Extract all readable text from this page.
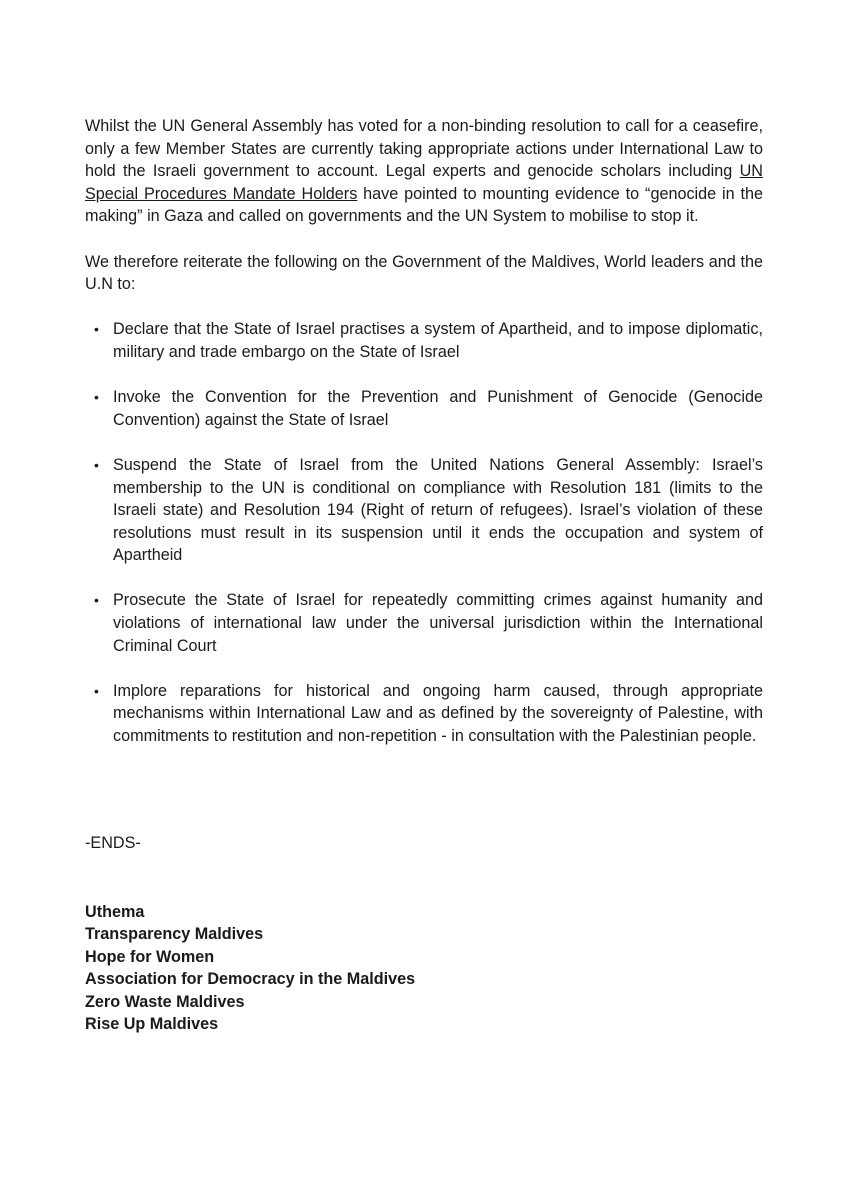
Whilst the UN General Assembly has voted for a non-binding resolution to call for a ceasefire, only a few Member States are currently taking appropriate actions under International Law to hold the Israeli government to account. Legal experts and genocide scholars including UN Special Procedures Mandate Holders have pointed to mounting evidence to “genocide in the making” in Gaza and called on governments and the UN System to mobilise to stop it.

We therefore reiterate the following on the Government of the Maldives, World leaders and the U.N to:

• Declare that the State of Israel practises a system of Apartheid, and to impose diplomatic, military and trade embargo on the State of Israel
• Invoke the Convention for the Prevention and Punishment of Genocide (Genocide Convention) against the State of Israel
• Suspend the State of Israel from the United Nations General Assembly: Israel’s membership to the UN is conditional on compliance with Resolution 181 (limits to the Israeli state) and Resolution 194 (Right of return of refugees). Israel’s violation of these resolutions must result in its suspension until it ends the occupation and system of Apartheid
• Prosecute the State of Israel for repeatedly committing crimes against humanity and violations of international law under the universal jurisdiction within the International Criminal Court
• Implore reparations for historical and ongoing harm caused, through appropriate mechanisms within International Law and as defined by the sovereignty of Palestine, with commitments to restitution and non-repetition - in consultation with the Palestinian people.
-ENDS-
Uthema
Transparency Maldives
Hope for Women
Association for Democracy in the Maldives
Zero Waste Maldives
Rise Up Maldives
